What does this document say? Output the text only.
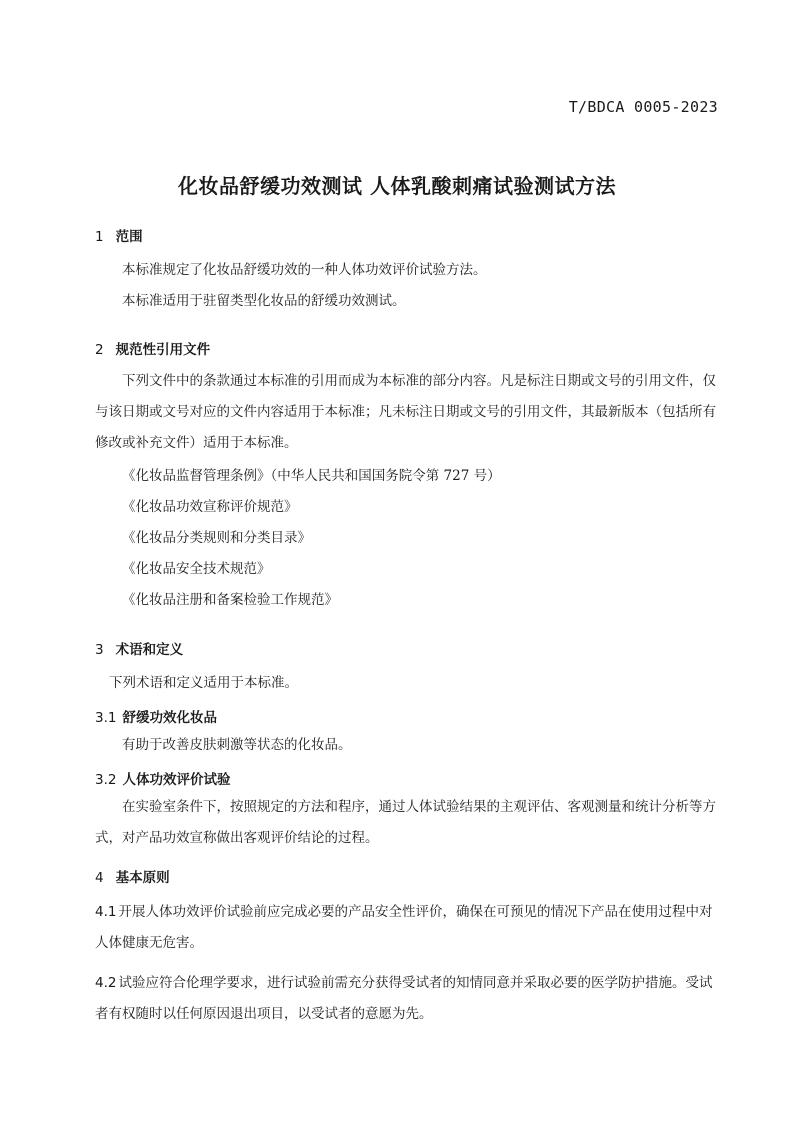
T/BDCA 0005-2023
化妆品舒缓功效测试 人体乳酸刺痛试验测试方法
1 范围
本标准规定了化妆品舒缓功效的一种人体功效评价试验方法。
本标准适用于驻留类型化妆品的舒缓功效测试。
2 规范性引用文件
下列文件中的条款通过本标准的引用而成为本标准的部分内容。凡是标注日期或文号的引用文件，仅与该日期或文号对应的文件内容适用于本标准；凡未标注日期或文号的引用文件，其最新版本（包括所有修改或补充文件）适用于本标准。
《化妆品监督管理条例》（中华人民共和国国务院令第 727 号）
《化妆品功效宣称评价规范》
《化妆品分类规则和分类目录》
《化妆品安全技术规范》
《化妆品注册和备案检验工作规范》
3 术语和定义
下列术语和定义适用于本标准。
3.1 舒缓功效化妆品
有助于改善皮肤刺激等状态的化妆品。
3.2 人体功效评价试验
在实验室条件下，按照规定的方法和程序，通过人体试验结果的主观评估、客观测量和统计分析等方式，对产品功效宣称做出客观评价结论的过程。
4 基本原则
4.1 开展人体功效评价试验前应完成必要的产品安全性评价，确保在可预见的情况下产品在使用过程中对人体健康无危害。
4.2 试验应符合伦理学要求，进行试验前需充分获得受试者的知情同意并采取必要的医学防护措施。受试者有权随时以任何原因退出项目，以受试者的意愿为先。
